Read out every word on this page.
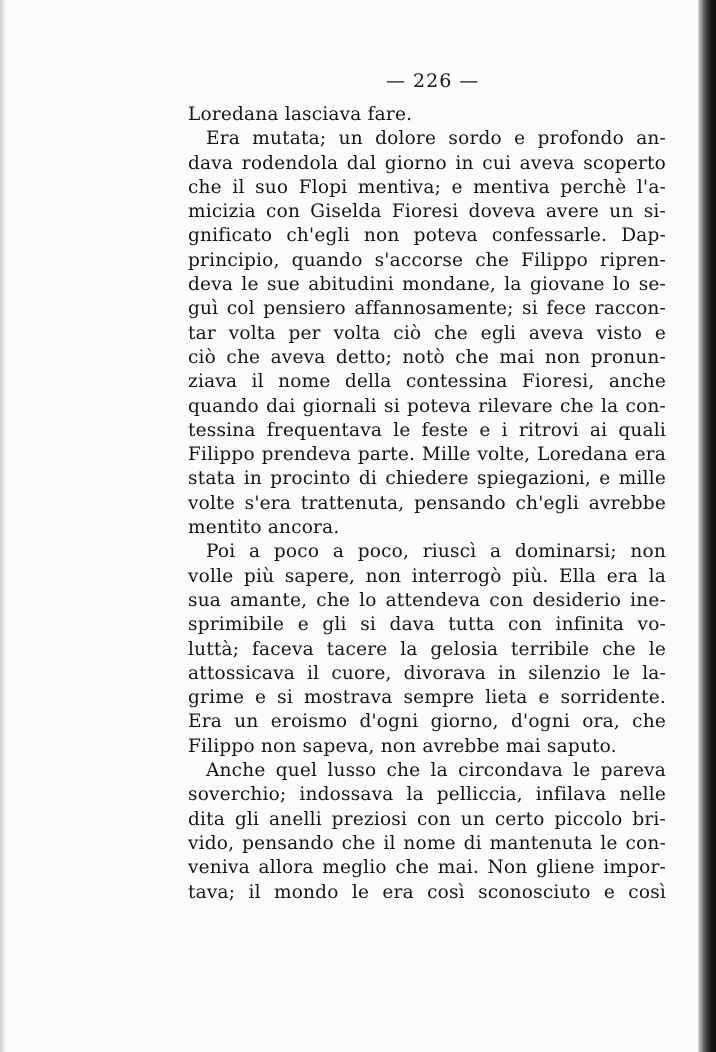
— 226 —
Loredana lasciava fare.
Era mutata; un dolore sordo e profondo an-
dava rodendola dal giorno in cui aveva scoperto
che il suo Flopi mentiva; e mentiva perchè l'a-
micizia con Giselda Fioresi doveva avere un si-
gnificato ch'egli non poteva confessarle. Dap-
principio, quando s'accorse che Filippo ripren-
deva le sue abitudini mondane, la giovane lo se-
guì col pensiero affannosamente; si fece raccon-
tar volta per volta ciò che egli aveva visto e
ciò che aveva detto; notò che mai non pronun-
ziava il nome della contessina Fioresi, anche
quando dai giornali si poteva rilevare che la con-
tessina frequentava le feste e i ritrovi ai quali
Filippo prendeva parte. Mille volte, Loredana era
stata in procinto di chiedere spiegazioni, e mille
volte s'era trattenuta, pensando ch'egli avrebbe
mentito ancora.
Poi a poco a poco, riuscì a dominarsi; non
volle più sapere, non interrogò più. Ella era la
sua amante, che lo attendeva con desiderio ine-
sprimibile e gli si dava tutta con infinita vo-
luttà; faceva tacere la gelosia terribile che le
attossicava il cuore, divorava in silenzio le la-
grime e si mostrava sempre lieta e sorridente.
Era un eroismo d'ogni giorno, d'ogni ora, che
Filippo non sapeva, non avrebbe mai saputo.
Anche quel lusso che la circondava le pareva
soverchio; indossava la pelliccia, infilava nelle
dita gli anelli preziosi con un certo piccolo bri-
vido, pensando che il nome di mantenuta le con-
veniva allora meglio che mai. Non gliene impor-
tava; il mondo le era così sconosciuto e così
